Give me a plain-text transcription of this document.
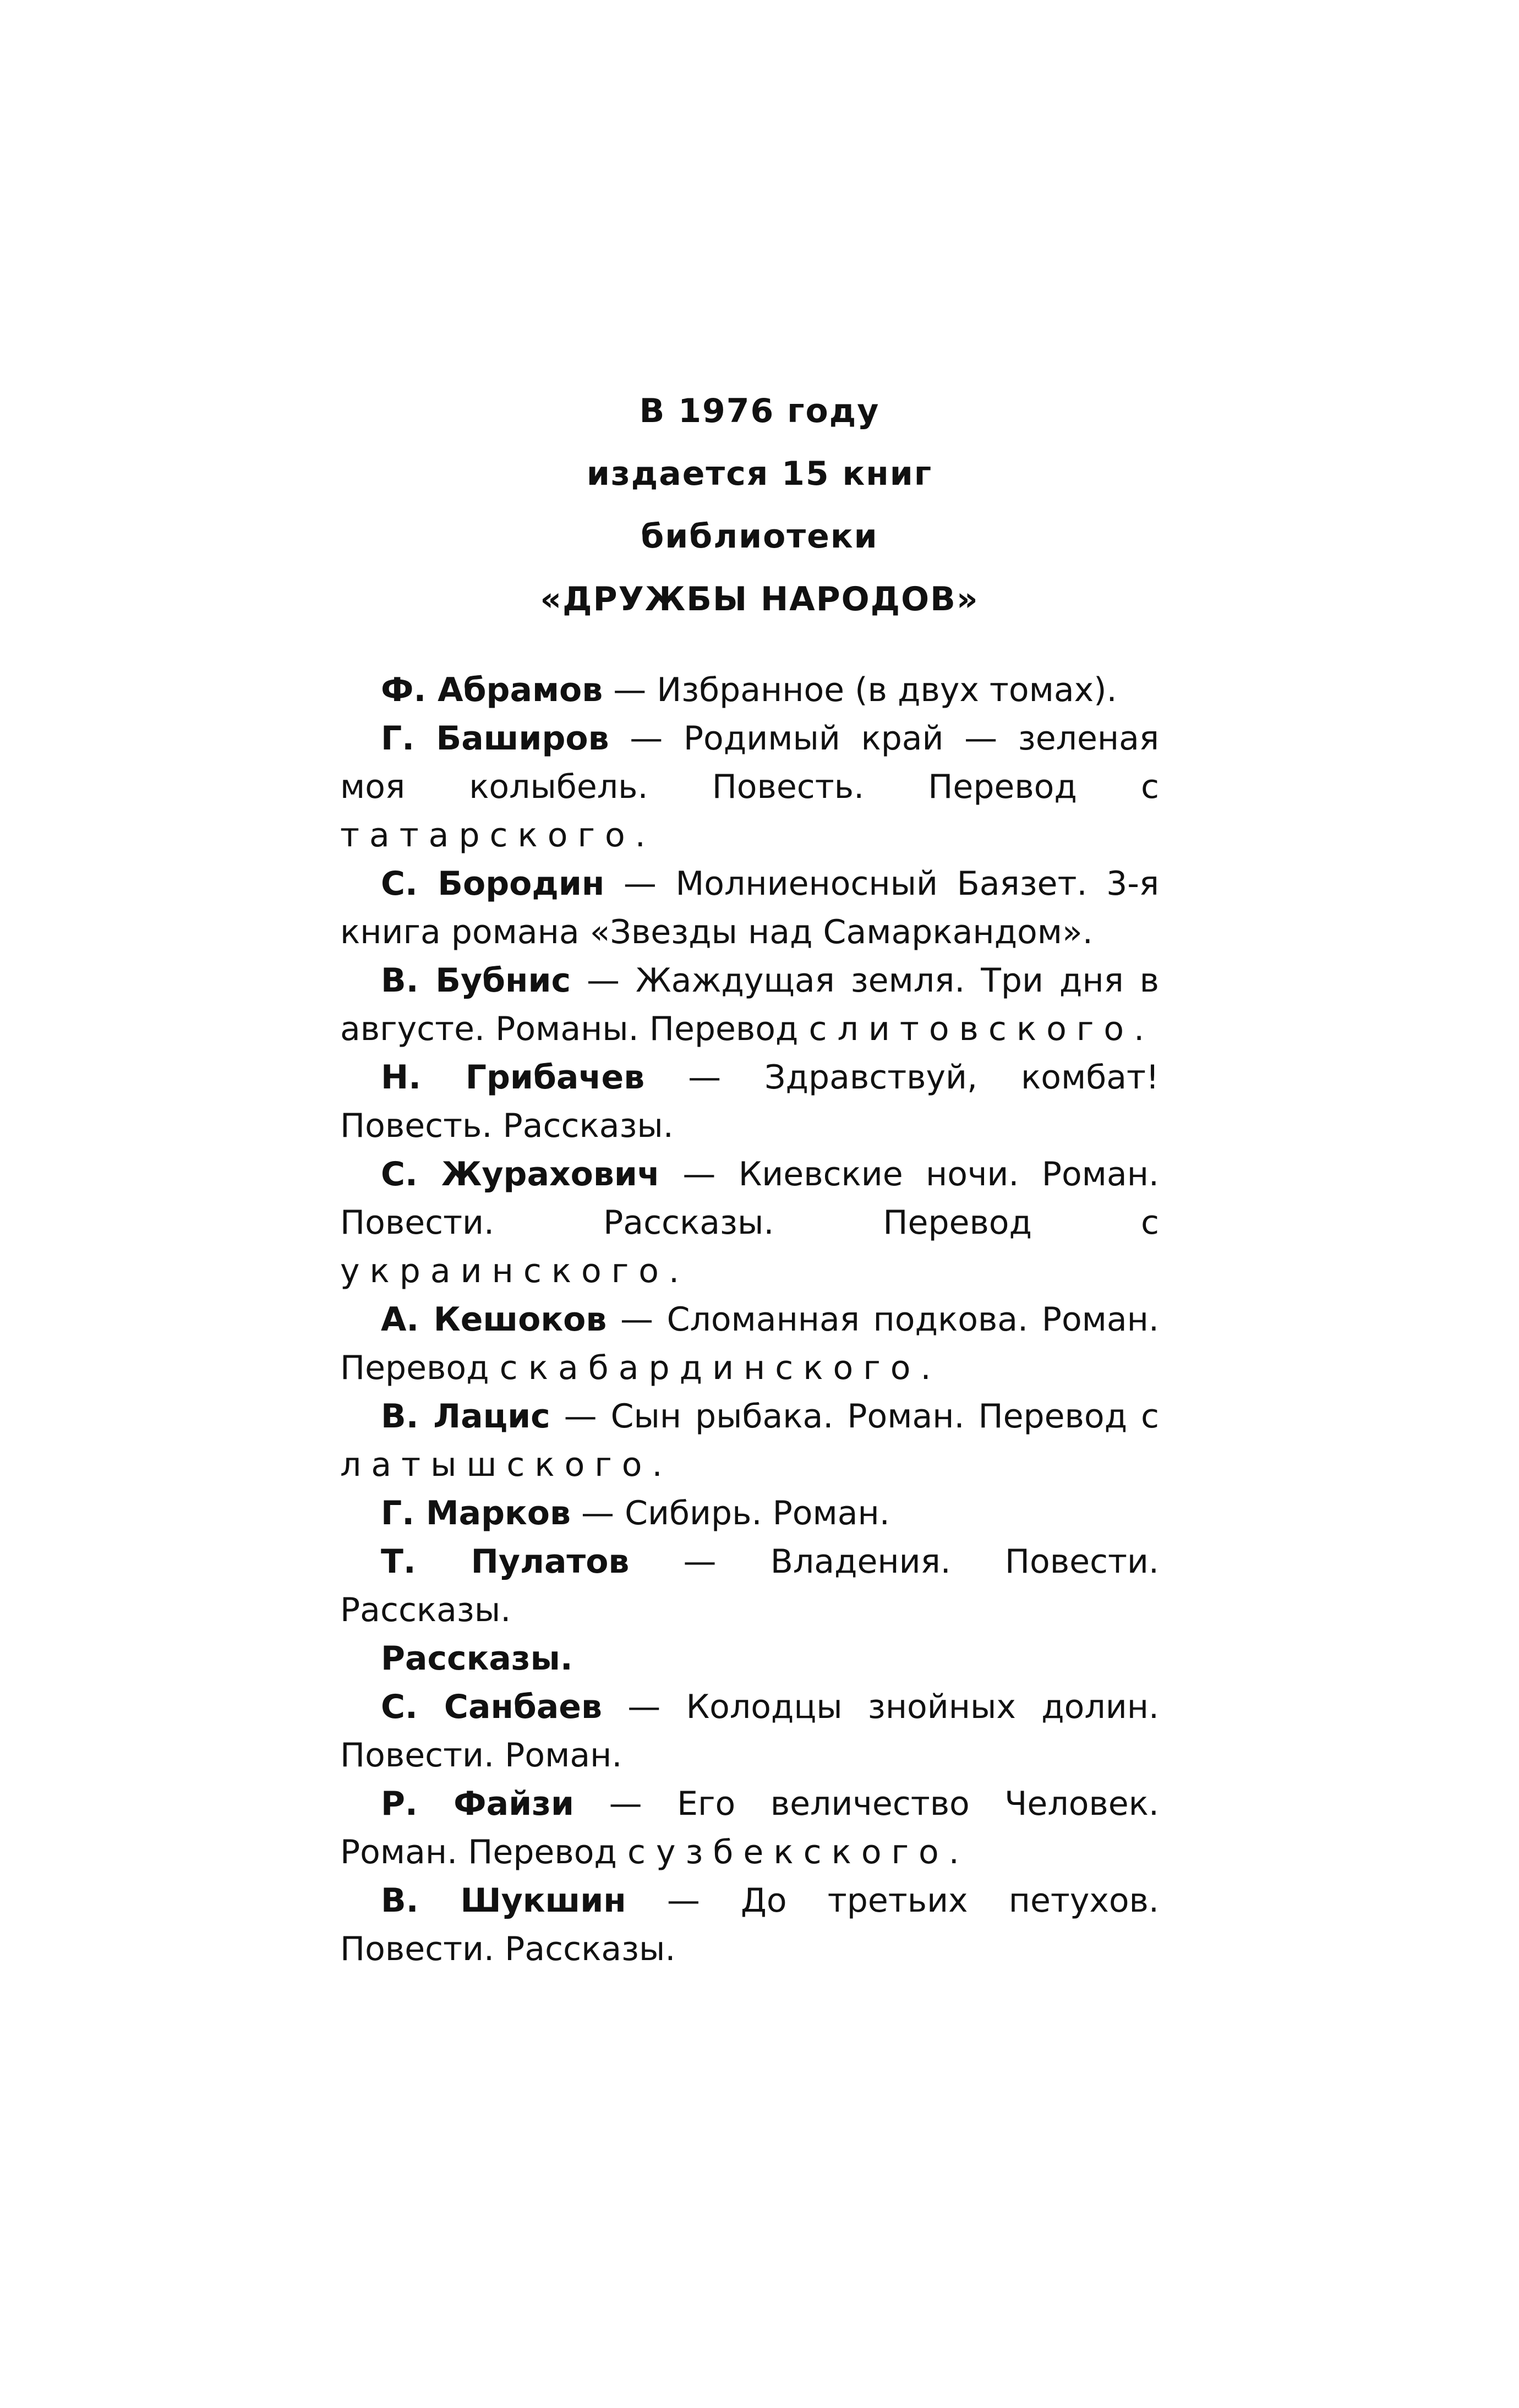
В 1976 году
издается 15 книг
библиотеки
«ДРУЖБЫ НАРОДОВ»

Ф. Абрамов — Избранное (в двух томах).

Г. Баширов — Родимый край — зеленая моя колыбель. Повесть. Перевод с татарского.

С. Бородин — Молниеносный Баязет. 3-я книга романа «Звезды над Самаркандом».

В. Бубнис — Жаждущая земля. Три дня в августе. Романы. Перевод с литовского.

Н. Грибачев — Здравствуй, комбат! Повесть. Рассказы.

С. Журахович — Киевские ночи. Роман. Повести. Рассказы. Перевод с украинского.

А. Кешоков — Сломанная подкова. Роман. Перевод с кабардинского.

В. Лацис — Сын рыбака. Роман. Перевод с латышского.

Г. Марков — Сибирь. Роман.

Т. Пулатов — Владения. Повести. Рассказы.

Рассказы.

С. Санбаев — Колодцы знойных долин. Повести. Роман.

Р. Файзи — Его величество Человек. Роман. Перевод с узбекского.

В. Шукшин — До третьих петухов. Повести. Рассказы.
